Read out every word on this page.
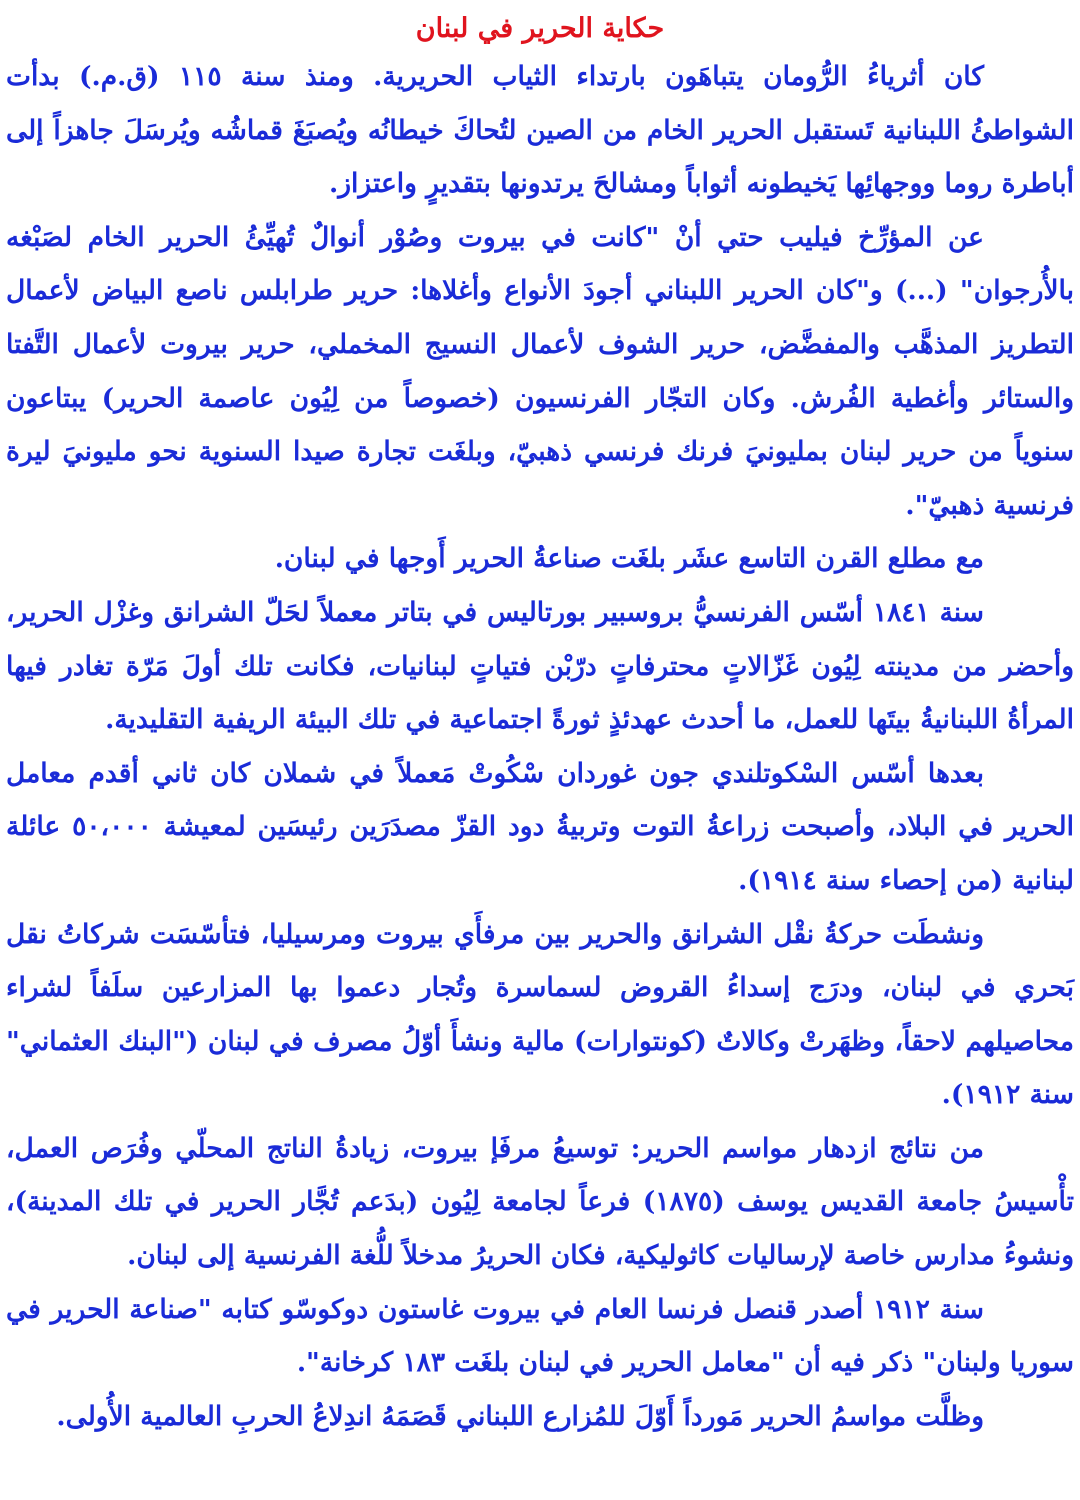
حكاية الحرير في لبنان

كان أثرياءُ الرُّومان يتباهَون بارتداء الثياب الحريرية. ومنذ سنة ١١٥ (ق.م.) بدأت الشواطئُ اللبنانية تَستقبل الحرير الخام من الصين لتُحاكَ خيطانُه ويُصبَغَ قماشُه ويُرسَلَ جاهزاً إلى أباطرة روما ووجهائِها يَخيطونه أثواباً ومشالحَ يرتدونها بتقديرٍ واعتزاز.

عن المؤرِّخ فيليب حتي أنْ "كانت في بيروت وصُوْر أنوالٌ تُهيِّئُ الحرير الخام لصَبْغه بالأُرجوان" (...) و"كان الحرير اللبناني أجودَ الأنواع وأغلاها: حرير طرابلس ناصع البياض لأعمال التطريز المذهَّب والمفضَّض، حرير الشوف لأعمال النسيج المخملي، حرير بيروت لأعمال التَّفتا والستائر وأغطية الفُرش. وكان التجّار الفرنسيون (خصوصاً من لِيُون عاصمة الحرير) يبتاعون سنوياً من حرير لبنان بمليونيَ فرنك فرنسي ذهبيّ، وبلغَت تجارة صيدا السنوية نحو مليونيَ ليرة فرنسية ذهبيّ".

مع مطلع القرن التاسع عشَر بلغَت صناعةُ الحرير أَوجها في لبنان.

سنة ١٨٤١ أسّس الفرنسيُّ بروسبير بورتاليس في بتاتر معملاً لحَلّ الشرانق وغزْل الحرير، وأحضر من مدينته لِيُون غَزّالاتٍ محترفاتٍ درّبْن فتياتٍ لبنانيات، فكانت تلك أولَ مَرّة تغادر فيها المرأةُ اللبنانيةُ بيتَها للعمل، ما أحدث عهدئذٍ ثورةً اجتماعية في تلك البيئة الريفية التقليدية.

بعدها أسّس السْكوتلندي جون غوردان سْكُوتْ مَعملاً في شملان كان ثاني أقدم معامل الحرير في البلاد، وأصبحت زراعةُ التوت وتربيةُ دود القزّ مصدَرَين رئيسَين لمعيشة ٥٠،٠٠٠ عائلة لبنانية (من إحصاء سنة ١٩١٤).

ونشطَت حركةُ نقْل الشرانق والحرير بين مرفأَي بيروت ومرسيليا، فتأسّسَت شركاتُ نقل بَحري في لبنان، ودرَج إسداءُ القروض لسماسرة وتُجار دعموا بها المزارعين سلَفاً لشراء محاصيلهم لاحقاً، وظهَرتْ وكالاتٌ (كونتوارات) مالية ونشأَ أوّلُ مصرف في لبنان ("البنك العثماني" سنة ١٩١٢).

من نتائج ازدهار مواسم الحرير: توسيعُ مرفَإ بيروت، زيادةُ الناتج المحلّي وفُرَص العمل، تأْسيسُ جامعة القديس يوسف (١٨٧٥) فرعاً لجامعة لِيُون (بدَعم تُجَّار الحرير في تلك المدينة)، ونشوءُ مدارس خاصة لإرساليات كاثوليكية، فكان الحريرُ مدخلاً للُّغة الفرنسية إلى لبنان.

سنة ١٩١٢ أصدر قنصل فرنسا العام في بيروت غاستون دوكوسّو كتابه "صناعة الحرير في سوريا ولبنان" ذكر فيه أن "معامل الحرير في لبنان بلغَت ١٨٣ كرخانة".

وظلَّت مواسمُ الحرير مَورداً أَوّلَ للمُزارع اللبناني قَصَمَهُ اندِلاعُ الحربِ العالمية الأُولى.
